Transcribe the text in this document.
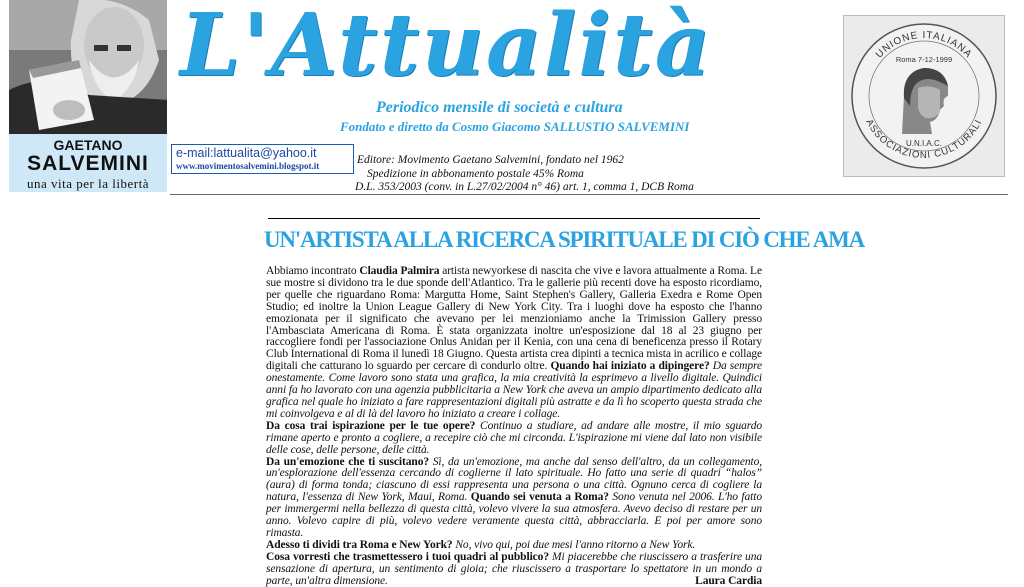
GAETANO
SALVEMINI
una vita per la libertà
L'Attualità
Periodico mensile di società e cultura
Fondato e diretto da Cosmo Giacomo SALLUSTIO SALVEMINI
e-mail:lattualita@yahoo.it
www.movimentosalvemini.blogspot.it	Editore: Movimento Gaetano Salvemini, fondato nel 1962
Spedizione in abbonamento postale 45% Roma
D.L. 353/2003 (conv. in L.27/02/2004 n° 46) art. 1, comma 1, DCB Roma
UNIONE ITALIANA
ASSOCIAZIONI CULTURALI
Roma 7-12-1999
U.N.I.A.C.
UN'ARTISTA ALLA RICERCA SPIRITUALE DI CIÒ CHE AMA

Abbiamo incontrato Claudia Palmira artista newyorkese di nascita che vive e lavora attualmente a Roma. Le sue mostre si dividono tra le due sponde dell'Atlantico. Tra le gallerie più recenti dove ha esposto ricordiamo, per quelle che riguardano Roma: Margutta Home, Saint Stephen's Gallery, Galleria Exedra e Rome Open Studio; ed inoltre la Union League Gallery di New York City. Tra i luoghi dove ha esposto che l'hanno emozionata per il significato che avevano per lei menzioniamo anche la Trimission Gallery presso l'Ambasciata Americana di Roma. È stata organizzata inoltre un'esposizione dal 18 al 23 giugno per raccogliere fondi per l'associazione Onlus Anidan per il Kenia, con una cena di beneficenza presso il Rotary Club International di Roma il lunedì 18 Giugno. Questa artista crea dipinti a tecnica mista in acrilico e collage digitali che catturano lo sguardo per cercare di condurlo oltre. Quando hai iniziato a dipingere? Da sempre onestamente. Come lavoro sono stata una grafica, la mia creatività la esprimevo a livello digitale. Quindici anni fa ho lavorato con una agenzia pubblicitaria a New York che aveva un ampio dipartimento dedicato alla grafica nel quale ho iniziato a fare rappresentazioni digitali più astratte e da lì ho scoperto questa strada che mi coinvolgeva e al di là del lavoro ho iniziato a creare i collage.

Da cosa trai ispirazione per le tue opere? Continuo a studiare, ad andare alle mostre, il mio sguardo rimane aperto e pronto a cogliere, a recepire ciò che mi circonda. L'ispirazione mi viene dal lato non visibile delle cose, delle persone, delle città.

Da un'emozione che ti suscitano? Sì, da un'emozione, ma anche dal senso dell'altro, da un collegamento, un'esplorazione dell'essenza cercando di coglierne il lato spirituale. Ho fatto una serie di quadri “halos” (aura) di forma tonda; ciascuno di essi rappresenta una persona o una città. Ognuno cerca di cogliere la natura, l'essenza di New York, Maui, Roma. Quando sei venuta a Roma? Sono venuta nel 2006. L'ho fatto per immergermi nella bellezza di questa città, volevo vivere la sua atmosfera. Avevo deciso di restare per un anno. Volevo capire di più, volevo vedere veramente questa città, abbracciarla. E poi per amore sono rimasta.

Adesso ti dividi tra Roma e New York? No, vivo qui, poi due mesi l'anno ritorno a New York.

Cosa vorresti che trasmettessero i tuoi quadri al pubblico? Mi piacerebbe che riuscissero a trasferire una sensazione di apertura, un sentimento di gioia; che riuscissero a trasportare lo spettatore in un mondo a parte, un'altra dimensione.	Laura Cardia
